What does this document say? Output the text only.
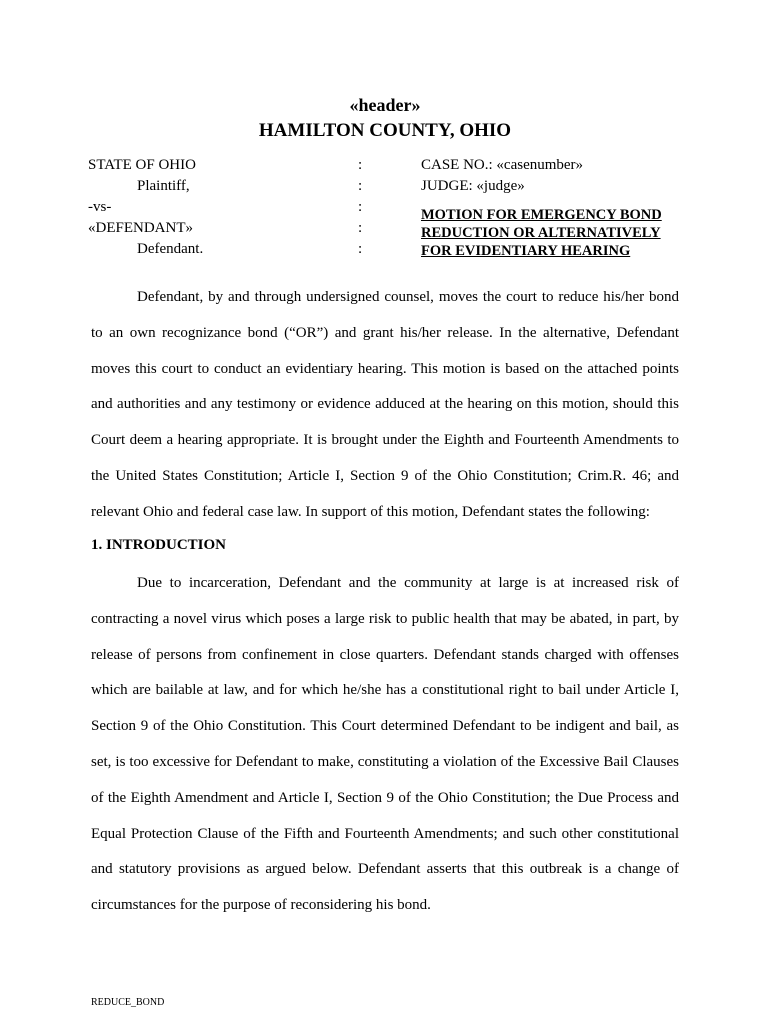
«header»
HAMILTON COUNTY, OHIO
STATE OF OHIO
Plaintiff,
-vs-
«DEFENDANT»
Defendant.
:
:
:
:
:
CASE NO.: «casenumber»
JUDGE: «judge»
MOTION FOR EMERGENCY BOND
REDUCTION OR ALTERNATIVELY
FOR EVIDENTIARY HEARING

Defendant, by and through undersigned counsel, moves the court to reduce his/her bond to an own recognizance bond (“OR”) and grant his/her release. In the alternative, Defendant moves this court to conduct an evidentiary hearing. This motion is based on the attached points and authorities and any testimony or evidence adduced at the hearing on this motion, should this Court deem a hearing appropriate. It is brought under the Eighth and Fourteenth Amendments to the United States Constitution; Article I, Section 9 of the Ohio Constitution; Crim.R. 46; and relevant Ohio and federal case law. In support of this motion, Defendant states the following:

1. INTRODUCTION

Due to incarceration, Defendant and the community at large is at increased risk of contracting a novel virus which poses a large risk to public health that may be abated, in part, by release of persons from confinement in close quarters. Defendant stands charged with offenses which are bailable at law, and for which he/she has a constitutional right to bail under Article I, Section 9 of the Ohio Constitution. This Court determined Defendant to be indigent and bail, as set, is too excessive for Defendant to make, constituting a violation of the Excessive Bail Clauses of the Eighth Amendment and Article I, Section 9 of the Ohio Constitution; the Due Process and Equal Protection Clause of the Fifth and Fourteenth Amendments; and such other constitutional and statutory provisions as argued below. Defendant asserts that this outbreak is a change of circumstances for the purpose of reconsidering his bond.

REDUCE_BOND
